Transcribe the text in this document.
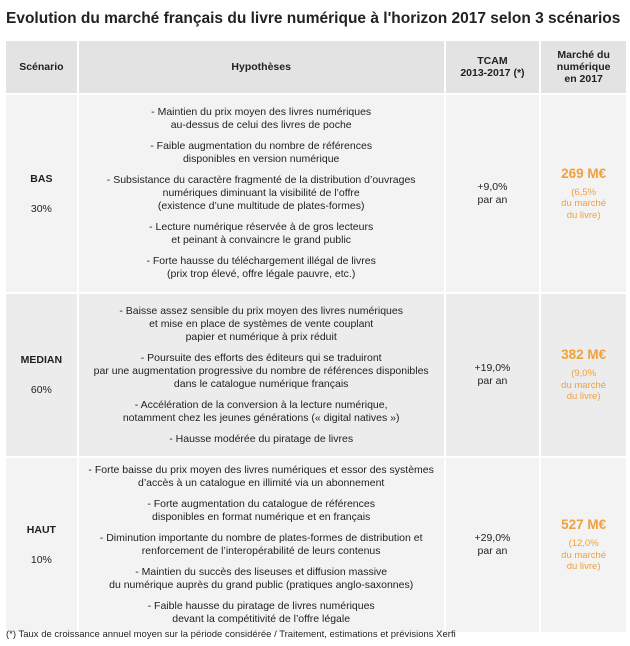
Evolution du marché français du livre numérique à l'horizon 2017 selon 3 scénarios
Scénario	Hypothèses	TCAM
2013-2017 (*)
Marché du
numérique
en 2017
BAS
30%
- Maintien du prix moyen des livres numériques
au-dessus de celui des livres de poche
- Faible augmentation du nombre de références
disponibles en version numérique
- Subsistance du caractère fragmenté de la distribution d’ouvrages
numériques diminuant la visibilité de l’offre
(existence d’une multitude de plates-formes)
- Lecture numérique réservée à de gros lecteurs
et peinant à convaincre le grand public
- Forte hausse du téléchargement illégal de livres
(prix trop élevé, offre légale pauvre, etc.)
+9,0%
par an
269 M€
(6,5%
du marché
du livre)
MEDIAN
60%
- Baisse assez sensible du prix moyen des livres numériques
et mise en place de systèmes de vente couplant
papier et numérique à prix réduit
- Poursuite des efforts des éditeurs qui se traduiront
par une augmentation progressive du nombre de références disponibles
dans le catalogue numérique français
- Accélération de la conversion à la lecture numérique,
notamment chez les jeunes générations (« digital natives »)
- Hausse modérée du piratage de livres
+19,0%
par an
382 M€
(9,0%
du marché
du livre)
HAUT
10%
- Forte baisse du prix moyen des livres numériques et essor des systèmes
d’accès à un catalogue en illimité via un abonnement
- Forte augmentation du catalogue de références
disponibles en format numérique et en français
- Diminution importante du nombre de plates-formes de distribution et
renforcement de l’interopérabilité de leurs contenus
- Maintien du succès des liseuses et diffusion massive
du numérique auprès du grand public (pratiques anglo-saxonnes)
- Faible hausse du piratage de livres numériques
devant la compétitivité de l’offre légale
+29,0%
par an
527 M€
(12,0%
du marché
du livre)
(*) Taux de croissance annuel moyen sur la période considérée / Traitement, estimations et prévisions Xerfi
